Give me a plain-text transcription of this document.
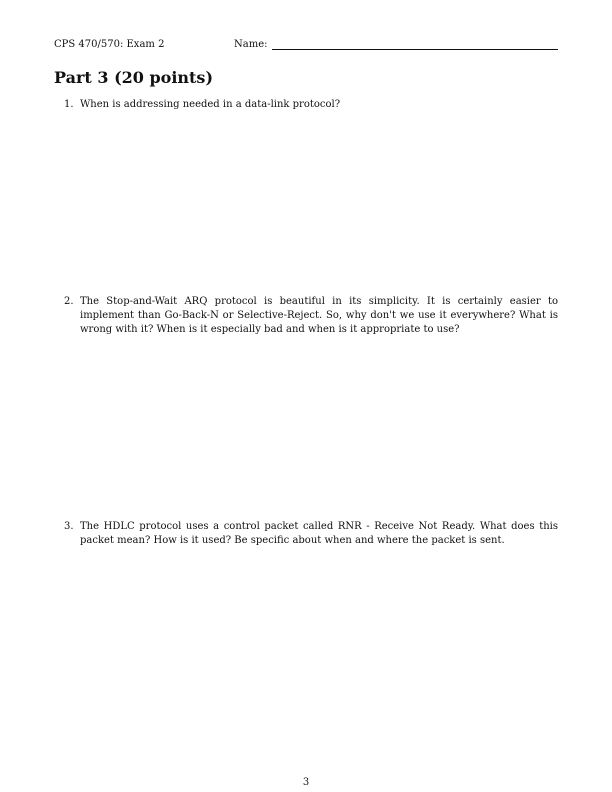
CPS 470/570: Exam 2	Name:
Part 3 (20 points)
1. When is addressing needed in a data-link protocol?
2. The Stop-and-Wait ARQ protocol is beautiful in its simplicity. It is certainly easier to implement than Go-Back-N or Selective-Reject. So, why don't we use it everywhere? What is wrong with it? When is it especially bad and when is it appropriate to use?
3. The HDLC protocol uses a control packet called RNR - Receive Not Ready. What does this packet mean? How is it used? Be specific about when and where the packet is sent.
3
